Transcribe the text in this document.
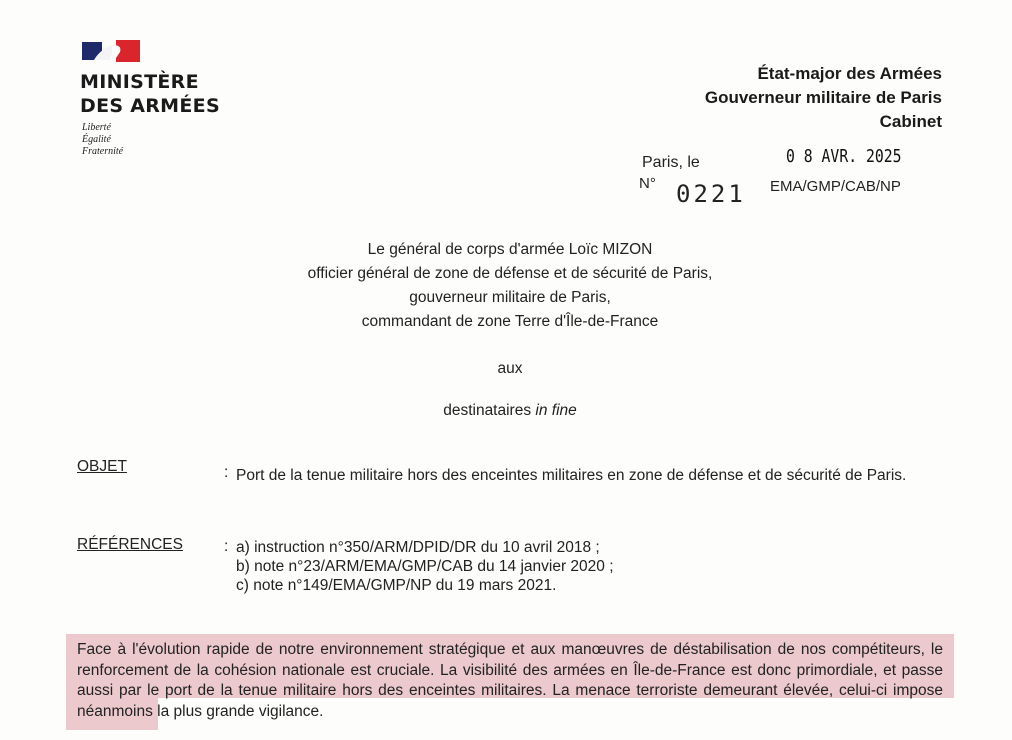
MINISTÈRE
DES ARMÉES
Liberté
Égalité
Fraternité
État-major des Armées
Gouverneur militaire de Paris
Cabinet
Paris, le	0 8 AVR. 2025
N° 0221 EMA/GMP/CAB/NP
Le général de corps d'armée Loïc MIZON
officier général de zone de défense et de sécurité de Paris,
gouverneur militaire de Paris,
commandant de zone Terre d'Île-de-France
aux
destinataires in fine
OBJET	: Port de la tenue militaire hors des enceintes militaires en zone de défense et de sécurité de Paris.
RÉFÉRENCES	: a) instruction n°350/ARM/DPID/DR du 10 avril 2018 ;
b) note n°23/ARM/EMA/GMP/CAB du 14 janvier 2020 ;
c) note n°149/EMA/GMP/NP du 19 mars 2021.
Face à l'évolution rapide de notre environnement stratégique et aux manœuvres de déstabilisation de nos compétiteurs, le renforcement de la cohésion nationale est cruciale. La visibilité des armées en Île-de-France est donc primordiale, et passe aussi par le port de la tenue militaire hors des enceintes militaires. La menace terroriste demeurant élevée, celui-ci impose néanmoins la plus grande vigilance.
